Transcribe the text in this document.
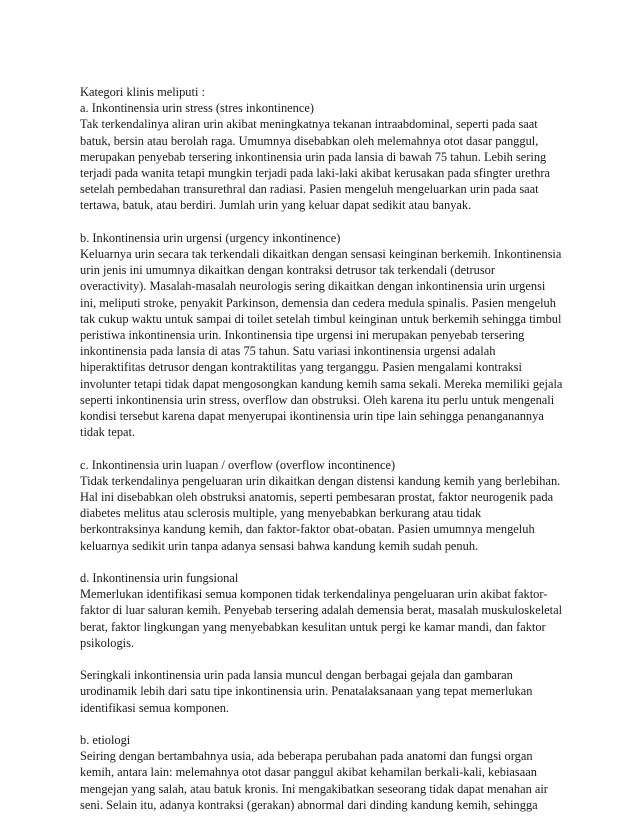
Kategori klinis meliputi :
a. Inkontinensia urin stress (stres inkontinence)
Tak terkendalinya aliran urin akibat meningkatnya tekanan intraabdominal, seperti pada saat
batuk, bersin atau berolah raga. Umumnya disebabkan oleh melemahnya otot dasar panggul,
merupakan penyebab tersering inkontinensia urin pada lansia di bawah 75 tahun. Lebih sering
terjadi pada wanita tetapi mungkin terjadi pada laki-laki akibat kerusakan pada sfingter urethra
setelah pembedahan transurethral dan radiasi. Pasien mengeluh mengeluarkan urin pada saat
tertawa, batuk, atau berdiri. Jumlah urin yang keluar dapat sedikit atau banyak.
b. Inkontinensia urin urgensi (urgency inkontinence)
Keluarnya urin secara tak terkendali dikaitkan dengan sensasi keinginan berkemih. Inkontinensia
urin jenis ini umumnya dikaitkan dengan kontraksi detrusor tak terkendali (detrusor
overactivity). Masalah-masalah neurologis sering dikaitkan dengan inkontinensia urin urgensi
ini, meliputi stroke, penyakit Parkinson, demensia dan cedera medula spinalis. Pasien mengeluh
tak cukup waktu untuk sampai di toilet setelah timbul keinginan untuk berkemih sehingga timbul
peristiwa inkontinensia urin. Inkontinensia tipe urgensi ini merupakan penyebab tersering
inkontinensia pada lansia di atas 75 tahun. Satu variasi inkontinensia urgensi adalah
hiperaktifitas detrusor dengan kontraktilitas yang terganggu. Pasien mengalami kontraksi
involunter tetapi tidak dapat mengosongkan kandung kemih sama sekali. Mereka memiliki gejala
seperti inkontinensia urin stress, overflow dan obstruksi. Oleh karena itu perlu untuk mengenali
kondisi tersebut karena dapat menyerupai ikontinensia urin tipe lain sehingga penanganannya
tidak tepat.
c. Inkontinensia urin luapan / overflow (overflow incontinence)
Tidak terkendalinya pengeluaran urin dikaitkan dengan distensi kandung kemih yang berlebihan.
Hal ini disebabkan oleh obstruksi anatomis, seperti pembesaran prostat, faktor neurogenik pada
diabetes melitus atau sclerosis multiple, yang menyebabkan berkurang atau tidak
berkontraksinya kandung kemih, dan faktor-faktor obat-obatan. Pasien umumnya mengeluh
keluarnya sedikit urin tanpa adanya sensasi bahwa kandung kemih sudah penuh.
d. Inkontinensia urin fungsional
Memerlukan identifikasi semua komponen tidak terkendalinya pengeluaran urin akibat faktor-
faktor di luar saluran kemih. Penyebab tersering adalah demensia berat, masalah muskuloskeletal
berat, faktor lingkungan yang menyebabkan kesulitan untuk pergi ke kamar mandi, dan faktor
psikologis.
Seringkali inkontinensia urin pada lansia muncul dengan berbagai gejala dan gambaran
urodinamik lebih dari satu tipe inkontinensia urin. Penatalaksanaan yang tepat memerlukan
identifikasi semua komponen.
b. etiologi
Seiring dengan bertambahnya usia, ada beberapa perubahan pada anatomi dan fungsi organ
kemih, antara lain: melemahnya otot dasar panggul akibat kehamilan berkali-kali, kebiasaan
mengejan yang salah, atau batuk kronis. Ini mengakibatkan seseorang tidak dapat menahan air
seni. Selain itu, adanya kontraksi (gerakan) abnormal dari dinding kandung kemih, sehingga
